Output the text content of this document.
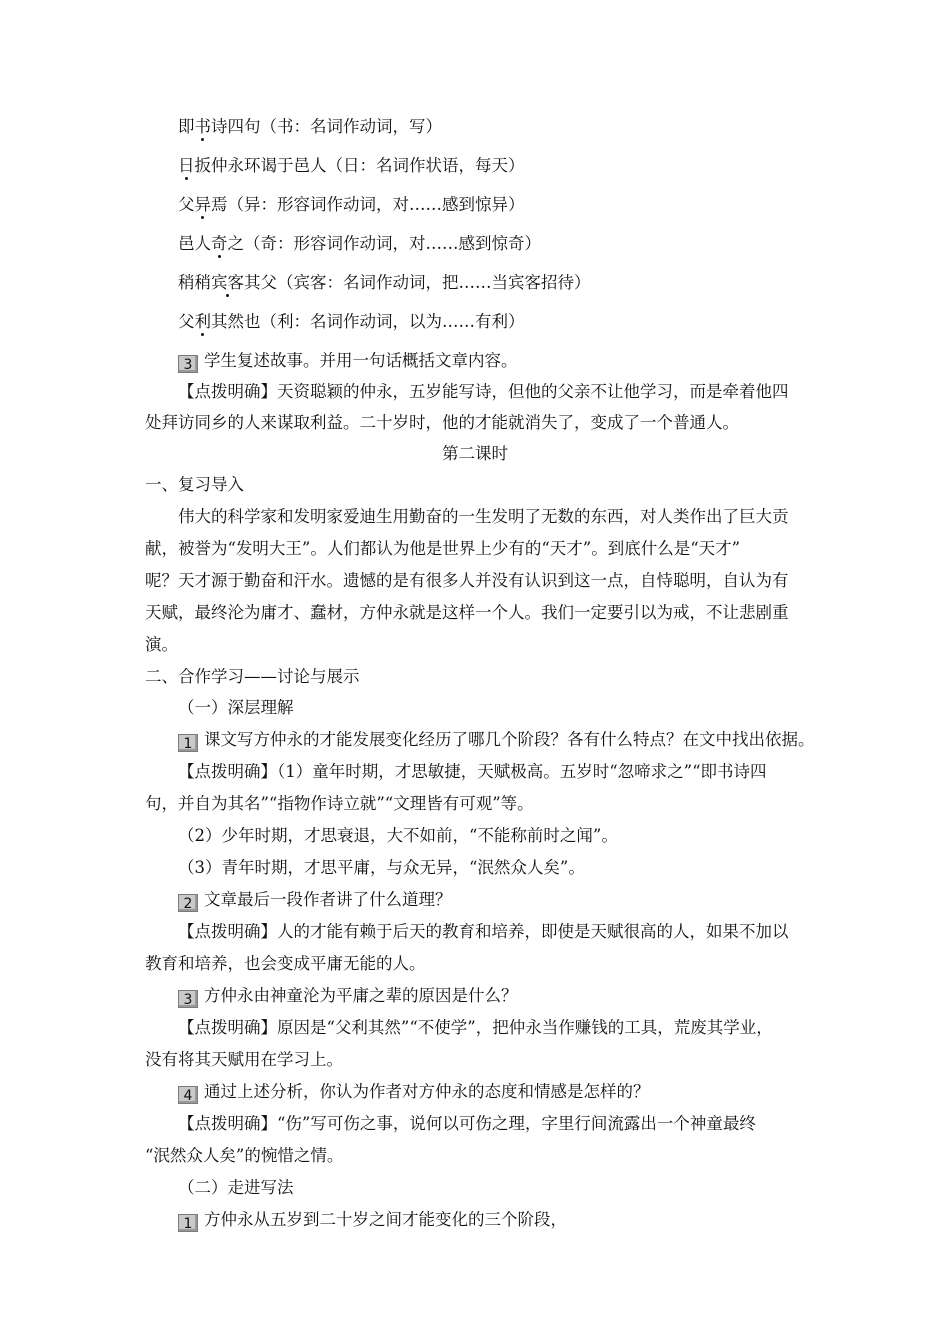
即书诗四句（书：名词作动词，写）
日扳仲永环谒于邑人（日：名词作状语，每天）
父异焉（异：形容词作动词，对……感到惊异）
邑人奇之（奇：形容词作动词，对……感到惊奇）
稍稍宾客其父（宾客：名词作动词，把……当宾客招待）
父利其然也（利：名词作动词，以为……有利）
3 学生复述故事。并用一句话概括文章内容。
【点拨明确】天资聪颖的仲永，五岁能写诗，但他的父亲不让他学习，而是牵着他四
处拜访同乡的人来谋取利益。二十岁时，他的才能就消失了，变成了一个普通人。
第二课时
一、复习导入
伟大的科学家和发明家爱迪生用勤奋的一生发明了无数的东西，对人类作出了巨大贡
献，被誉为“发明大王”。人们都认为他是世界上少有的“天才”。到底什么是“天才”
呢？天才源于勤奋和汗水。遗憾的是有很多人并没有认识到这一点，自恃聪明，自认为有
天赋，最终沦为庸才、蠢材，方仲永就是这样一个人。我们一定要引以为戒，不让悲剧重
演。
二、合作学习——讨论与展示
（一）深层理解
1 课文写方仲永的才能发展变化经历了哪几个阶段？各有什么特点？在文中找出依据。
【点拨明确】（1）童年时期，才思敏捷，天赋极高。五岁时“忽啼求之”“即书诗四
句，并自为其名”“指物作诗立就”“文理皆有可观”等。
（2）少年时期，才思衰退，大不如前，“不能称前时之闻”。
（3）青年时期，才思平庸，与众无异，“泯然众人矣”。
2 文章最后一段作者讲了什么道理？
【点拨明确】人的才能有赖于后天的教育和培养，即使是天赋很高的人，如果不加以
教育和培养，也会变成平庸无能的人。
3 方仲永由神童沦为平庸之辈的原因是什么？
【点拨明确】原因是“父利其然”“不使学”，把仲永当作赚钱的工具，荒废其学业，
没有将其天赋用在学习上。
4 通过上述分析，你认为作者对方仲永的态度和情感是怎样的？
【点拨明确】“伤”写可伤之事，说何以可伤之理，字里行间流露出一个神童最终
“泯然众人矣”的惋惜之情。
（二）走进写法
1 方仲永从五岁到二十岁之间才能变化的三个阶段，
